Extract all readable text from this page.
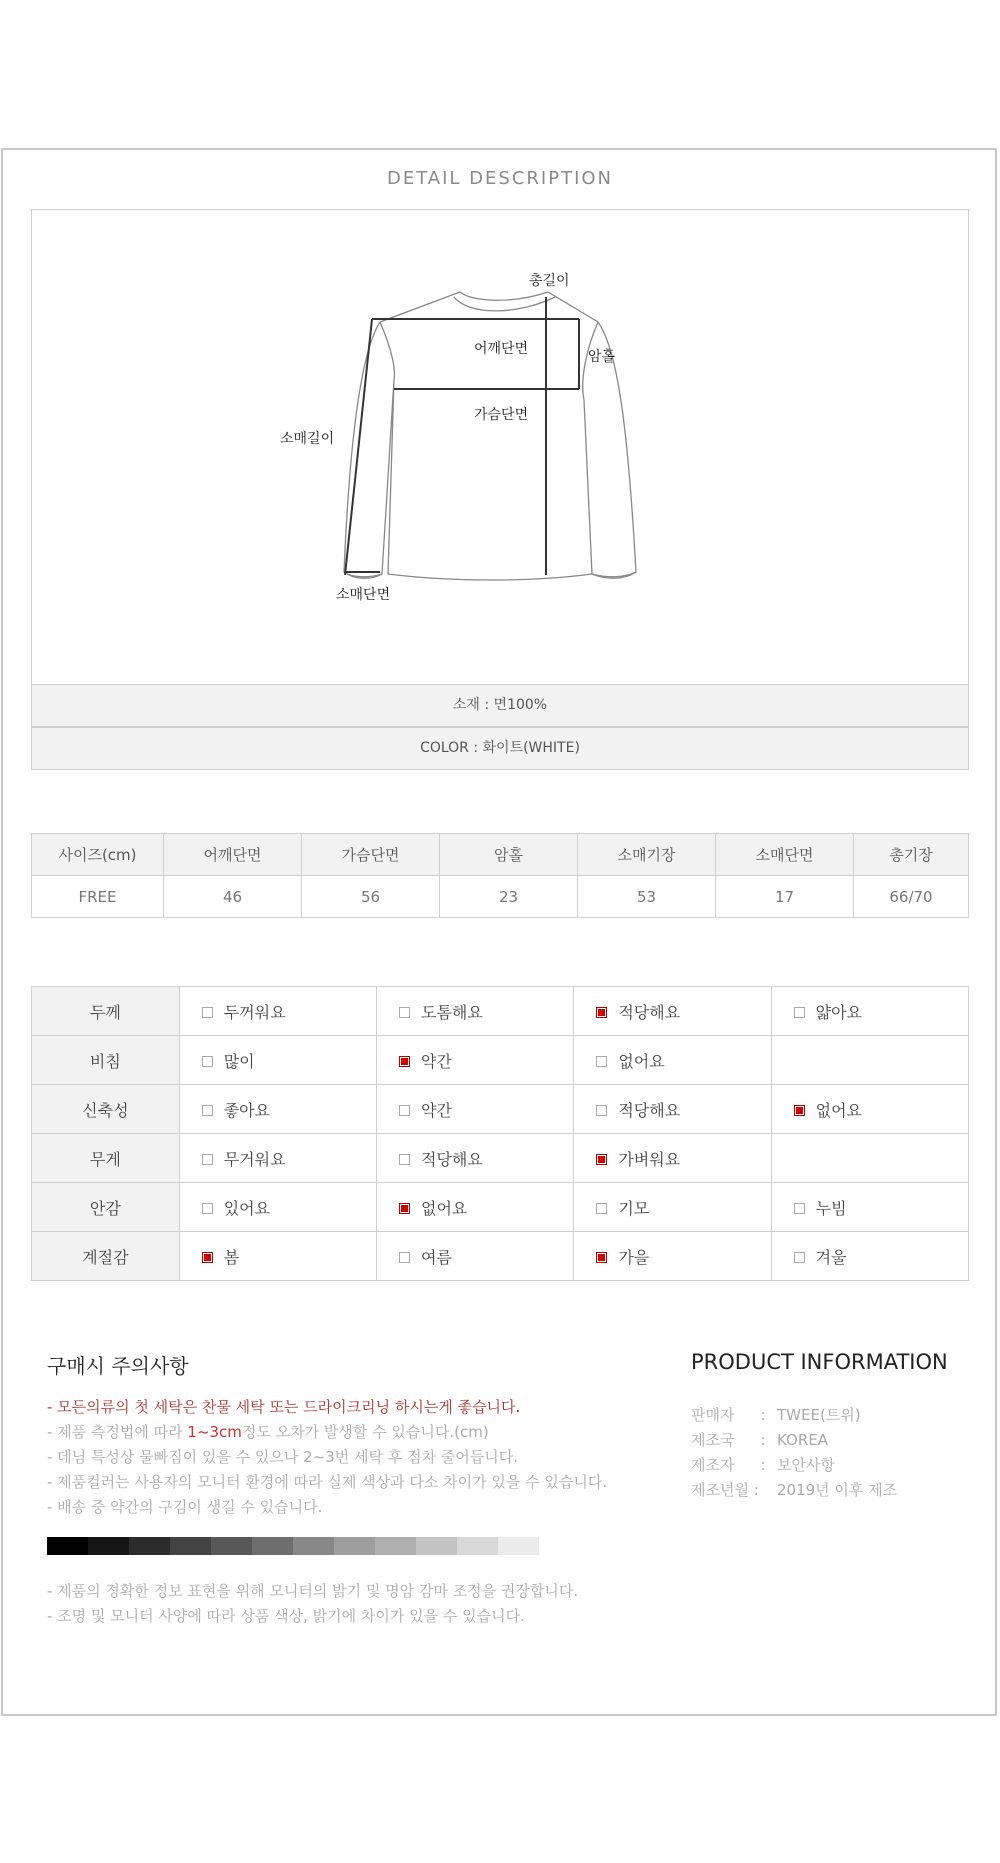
DETAIL DESCRIPTION
총길이
어깨단면	암홀
가슴단면
소매길이
소매단면
소재 : 면100%
COLOR : 화이트(WHITE)
사이즈(cm)	어깨단면	가슴단면	암홀	소매기장	소매단면	총기장
FREE	46	56	23	53	17	66/70
두께	두꺼워요	도톰해요	적당해요	얇아요
비침	많이	약간	없어요	
신축성	좋아요	약간	적당해요	없어요
무게	무거워요	적당해요	가벼워요	
안감	있어요	없어요	기모	누빔
계절감	봄	여름	가을	겨울
구매시 주의사항
- 모든의류의 첫 세탁은 찬물 세탁 또는 드라이크리닝 하시는게 좋습니다.
- 제품 측정법에 따라 1~3cm정도 오차가 발생할 수 있습니다.(cm)
- 데님 특성상 물빠짐이 있을 수 있으나 2~3번 세탁 후 점차 줄어듭니다.
- 제품컬러는 사용자의 모니터 환경에 따라 실제 색상과 다소 차이가 있을 수 있습니다.
- 배송 중 약간의 구김이 생길 수 있습니다.
- 제품의 정확한 정보 표현을 위해 모니터의 밝기 및 명암 감마 조정을 권장합니다.
- 조명 및 모니터 사양에 따라 상품 색상, 밝기에 차이가 있을 수 있습니다.
PRODUCT INFORMATION
판매자 : TWEE(트위)
제조국 : KOREA
제조자 : 보안사항
제조년월 : 2019년 이후 제조
